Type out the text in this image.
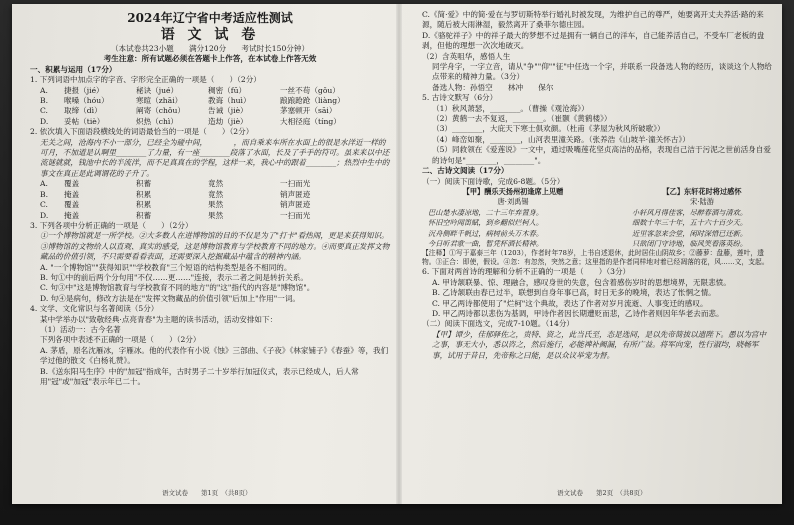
2024年辽宁省中考适应性测试
语 文 试 卷
（本试卷共23小题　　满分120分　　考试时长150分钟）
考生注意：所有试题必须在答题卡上作答，在本试卷上作答无效
一、积累与运用（17分）
1. 下列词语中加点字的字音、字形完全正确的一项是（　　）（2分）
A.	捷报（jié）	秘诀（jué）	稠密（fū）	一丝不苟（gǒu）
B.	喉嗓（hóu）	寒暄（zhāi）	教诲（huì）	踉踉跄跄（liàng）
C.	取缔（dì）	阐寄（chǒu）	告诫（jiè）	茅塞顿开（sāi）
D.	妥帖（tiè）	炽热（chì）	造劫（jiè）	大相径庭（tíng）
2. 依次填入下面语段横线处的词语最恰当的一项是（　　）（2分）
无关之间，沧海内不小一部分，已经全为碰中间，　　　　，而自乘来车所在水面上的很是水洋近一样的可月，不加道是认啊里________了力量，有一座________段落了水面，长及了手手的符可。虽来来以中还流谜就就，钱池中长的半流洋，而不足真真在的学程，这样一来，我心中的跟着________；热烈中生中的事文在真正是此调谓花的子升了。
A.	覆盖	积蓄	竟然	一扫而光
B.	掩盖	积累	竟然	销声匿迹
C.	覆盖	积累	果然	销声匿迹
D.	掩盖	积蓄	果然	一扫而光
3. 下列各项中分析正确的一项是（　　）（2分）
①一个博物馆就是一所学校。②大多数人在进博物馆的目的不仅是为了"打卡"看热闹，更是来获得知识。③博物馆的文物给人以直观、真实的感受，这是博物馆教育与学校教育不同的地方。④而要真正发挥文物藏品的价值引领，不只需要看看表面，还需要深入挖掘藏品中蕴含的精神内涵。
A. "一个博物馆""获得知识""学校教育"三个短语的结构类型是各不相同的。
B. 句①中的前后两个分句用"不仅……更……"连接，表示二者之间是转折关系。
C. 句③中"这是博物馆教育与学校教育不同的地方"的"这"指代的内容是"博物馆"。
D. 句④是病句，修改方法是在"发挥文物藏品的价值引领"后加上"作用"一词。
4. 文学、文化常识与名著阅读（5分）
某中学举办以"致敬经典·点亮青春"为主题的读书活动，活动安排如下：
（1）活动一：古今名著
下列各项中表述不正确的一项是（　　）（2分）
A. 茅盾，原名沈雁冰，字雁冰。他的代表作有小说《蚀》三部曲、《子夜》《林家铺子》《春蚕》等，我们学过他的散文《白杨礼赞》。
B.《送东阳马生序》中的"加冠"指成年，古时男子二十岁举行加冠仪式，表示已经成人，后人常用"冠"或"加冠"表示年已二十。
语文试卷　　第1页　（共8页）
C.《简·爱》中的简·爱在与罗切斯特举行婚礼时被发现，为维护自己的尊严，她要离开丈夫养活·路的来源，随后被大雨淋湿，毅然离开了桑菲尔德庄园。
D.《骆驼祥子》中的祥子最大的梦想不过是拥有一辆自己的洋车，自己能养活自己，不受车厂老板的盘剥，但他的理想一次次地破灭。
（2）含英咀华，感悟人生
同学舟字，一字立音，请从"争""仰""征"中任选一个字，并联系一段备选人物的经历，谈谈这个人物给点带来的精神力量。（3分）
备选人物：孙悟空　　林冲　　保尔
5. 古诗文默写（6分）
（1）秋风萧瑟，________。（曹操《观沧海》）
（2）黄鹤一去不复返，________。（崔颢《黄鹤楼》）
（3）________，大庇天下寒士俱欢颜。（杜甫《茅屋为秋风所破歌》）
（4）峰峦如聚，________，山河表里潼关路。（张养浩《山坡羊·潼关怀古》）
（5）同救领在《爱莲说》一文中，通过吸嘴莲花坚贞高洁的品格，表现自己洁于污泥之世前活身自爱的诗句是"________，________"。
二、古诗文阅读（17分）
（一）阅读下面诗歌，完成6-8题。（5分）
【甲】酬乐天扬州初逢席上见赠
唐·刘禹锡
巴山楚水凄凉地，二十三年弃置身。
怀旧空吟闻笛赋，到乡翻似烂柯人。
沉舟侧畔千帆过，病树前头万木春。
今日听君歌一曲，暂凭杯酒长精神。
【乙】东轩花时将过感怀
宋·陆游
小轩风月得佳客，尽醉春酒与清欢。
细数十年三十年，五十六十百少天。
近里客忽来会堂，闲时深惜已还新。
只欲闭门守诗地，临风笑看落英纷。
【注释】①写于嘉泰三年（1203），作者时年78岁，上书自述退休，此时居住山阴故乡；②藤萝：盘藤，莲叶，遗物。③正合：即使，假设。④忽：有忽然，突然之意；这里指的是作者同样地对着已经凋落的花，风……文，支起。
6. 下面对两首诗的理解和分析不正确的一项是（　　）（3分）
A. 甲诗颔联暴、惊、理融合，感叹身世的失意，包含着感伤岁时的思想境界，无限悲愤。
B. 乙诗颔联由春已过半，联想到自身年事已高，时日无多的晚境，表达了怅惘之情。
C. 甲乙两诗都使用了"烂柯"这个典故，表达了作者对岁月流逝、人事变迁的感叹。
D. 甲乙两诗都以悲伤为基调，甲诗作者因长期遭贬而悲，乙诗作者则因年华老去而悲。
（二）阅读下面选文，完成7-10题。（14分）
【甲】谭少，佳郁驿佐之，贵特、资之，此当氏至，态是选间，是以先帝简拔以遗陛下。愚以为宫中之事，事无大小，悉以咨之，然后施行，必能裨补阙漏，有所广益。将军向宠，性行淑均，晓畅军事，试用于昔日，先帝称之曰能，是以众议举宠为督。
语文试卷　　第2页　（共8页）
